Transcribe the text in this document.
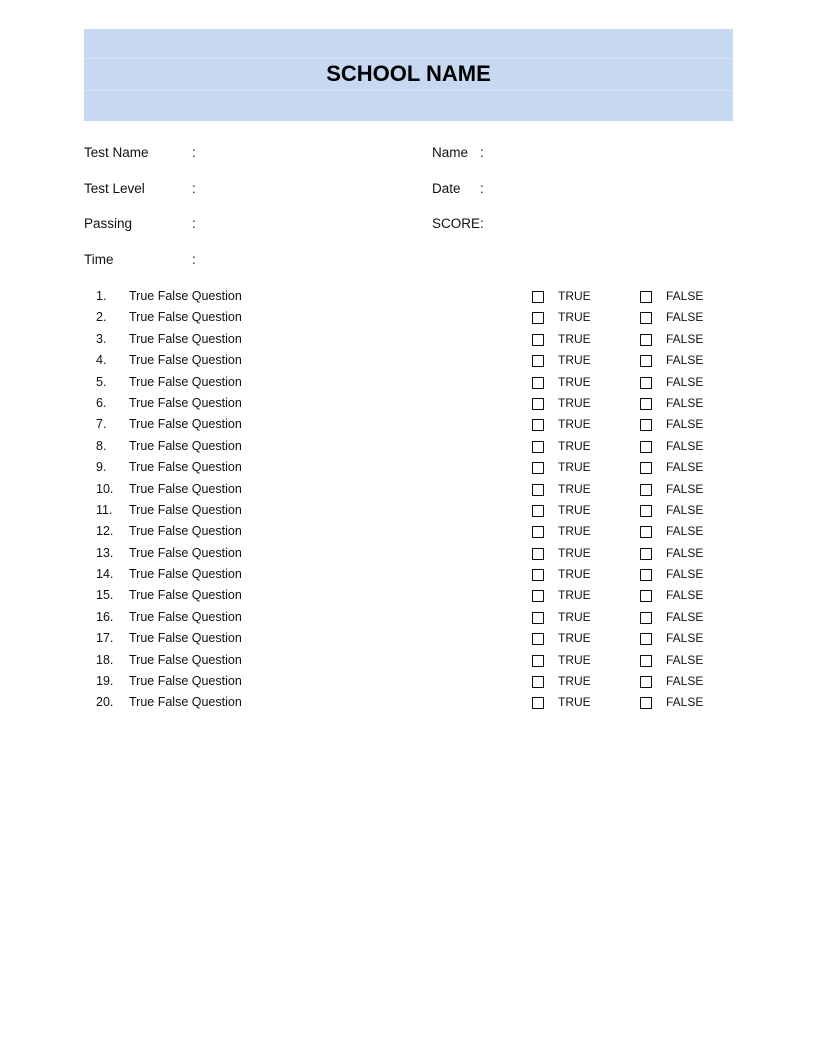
SCHOOL NAME
Test Name	:
Test Level	:
Passing	:
Time	:
Name :
Date :
SCORE :
1. True False Question	TRUE	FALSE
2. True False Question	TRUE	FALSE
3. True False Question	TRUE	FALSE
4. True False Question	TRUE	FALSE
5. True False Question	TRUE	FALSE
6. True False Question	TRUE	FALSE
7. True False Question	TRUE	FALSE
8. True False Question	TRUE	FALSE
9. True False Question	TRUE	FALSE
10. True False Question	TRUE	FALSE
11. True False Question	TRUE	FALSE
12. True False Question	TRUE	FALSE
13. True False Question	TRUE	FALSE
14. True False Question	TRUE	FALSE
15. True False Question	TRUE	FALSE
16. True False Question	TRUE	FALSE
17. True False Question	TRUE	FALSE
18. True False Question	TRUE	FALSE
19. True False Question	TRUE	FALSE
20. True False Question	TRUE	FALSE
